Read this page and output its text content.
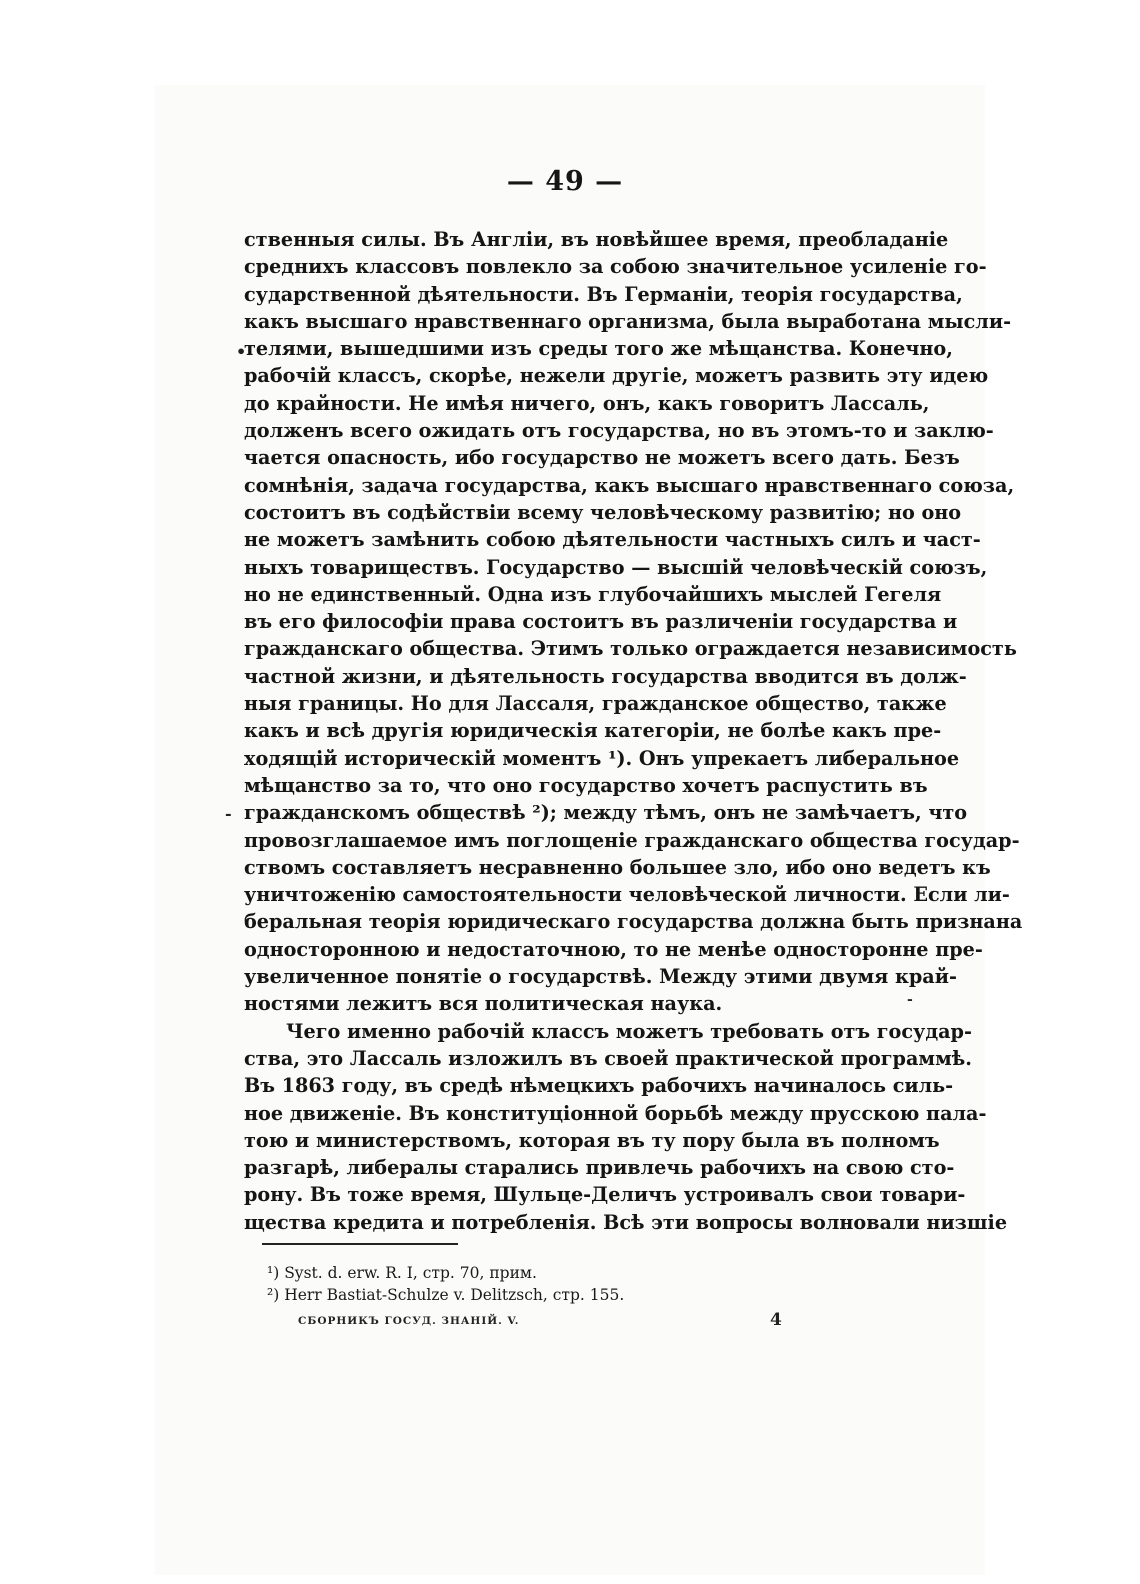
— 49 —
ственныя силы. Въ Англіи, въ новѣйшее время, преобладаніе
среднихъ классовъ повлекло за собою значительное усиленіе го-
сударственной дѣятельности. Въ Германіи, теорія государства,
какъ высшаго нравственнаго организма, была выработана мысли-
телями, вышедшими изъ среды того же мѣщанства. Конечно,
рабочій классъ, скорѣе, нежели другіе, можетъ развить эту идею
до крайности. Не имѣя ничего, онъ, какъ говоритъ Лассаль,
долженъ всего ожидать отъ государства, но въ этомъ-то и заклю-
чается опасность, ибо государство не можетъ всего дать. Безъ
сомнѣнія, задача государства, какъ высшаго нравственнаго союза,
состоитъ въ содѣйствіи всему человѣческому развитію; но оно
не можетъ замѣнить собою дѣятельности частныхъ силъ и част-
ныхъ товариществъ. Государство — высшій человѣческій союзъ,
но не единственный. Одна изъ глубочайшихъ мыслей Гегеля
въ его философіи права состоитъ въ различеніи государства и
гражданскаго общества. Этимъ только ограждается независимость
частной жизни, и дѣятельность государства вводится въ долж-
ныя границы. Но для Лассаля, гражданское общество, также
какъ и всѣ другія юридическія категоріи, не болѣе какъ пре-
ходящій историческій моментъ ¹). Онъ упрекаетъ либеральное
мѣщанство за то, что оно государство хочетъ распустить въ
гражданскомъ обществѣ ²); между тѣмъ, онъ не замѣчаетъ, что
провозглашаемое имъ поглощеніе гражданскаго общества государ-
ствомъ составляетъ несравненно большее зло, ибо оно ведетъ къ
уничтоженію самостоятельности человѣческой личности. Если ли-
беральная теорія юридическаго государства должна быть признана
односторонною и недостаточною, то не менѣе односторонне пре-
увеличенное понятіе о государствѣ. Между этими двумя край-
ностями лежитъ вся политическая наука.
Чего именно рабочій классъ можетъ требовать отъ государ-
ства, это Лассаль изложилъ въ своей практической программѣ.
Въ 1863 году, въ средѣ нѣмецкихъ рабочихъ начиналось силь-
ное движеніе. Въ конституціонной борьбѣ между прусскою пала-
тою и министерствомъ, которая въ ту пору была въ полномъ
разгарѣ, либералы старались привлечь рабочихъ на свою сто-
рону. Въ тоже время, Шульце-Деличъ устроивалъ свои товари-
щества кредита и потребленія. Всѣ эти вопросы волновали низшіе
¹) Syst. d. erw. R. I, стр. 70, прим.
²) Herr Bastiat-Schulze v. Delitzsch, стр. 155.
СБОРНИКЪ ГОСУД. ЗНАНІЙ. V.	4
•
-
-
